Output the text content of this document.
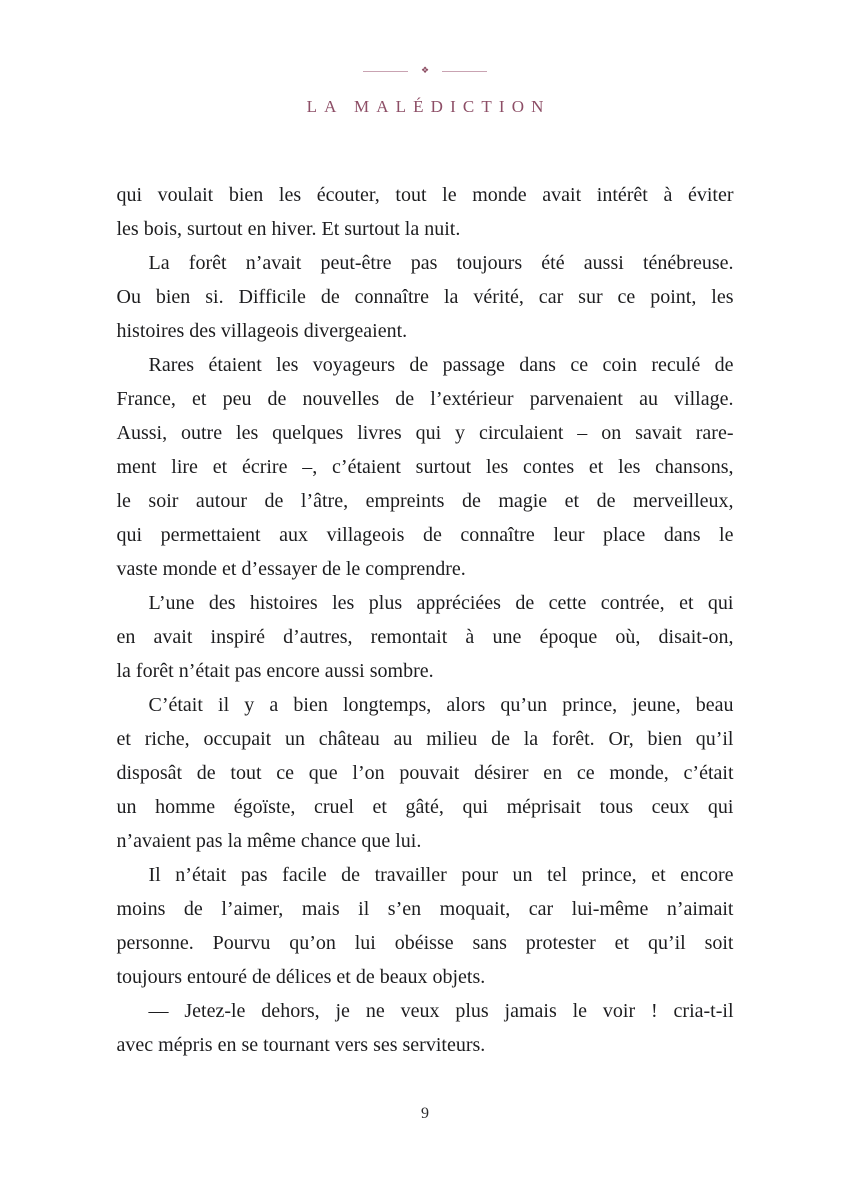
❖
LA MALÉDICTION
qui voulait bien les écouter, tout le monde avait intérêt à éviter
les bois, surtout en hiver. Et surtout la nuit.
La forêt n’avait peut-être pas toujours été aussi ténébreuse.
Ou bien si. Difficile de connaître la vérité, car sur ce point, les
histoires des villageois divergeaient.
Rares étaient les voyageurs de passage dans ce coin reculé de
France, et peu de nouvelles de l’extérieur parvenaient au village.
Aussi, outre les quelques livres qui y circulaient – on savait rare-
ment lire et écrire –, c’étaient surtout les contes et les chansons,
le soir autour de l’âtre, empreints de magie et de merveilleux,
qui permettaient aux villageois de connaître leur place dans le
vaste monde et d’essayer de le comprendre.
L’une des histoires les plus appréciées de cette contrée, et qui
en avait inspiré d’autres, remontait à une époque où, disait-on,
la forêt n’était pas encore aussi sombre.
C’était il y a bien longtemps, alors qu’un prince, jeune, beau
et riche, occupait un château au milieu de la forêt. Or, bien qu’il
disposât de tout ce que l’on pouvait désirer en ce monde, c’était
un homme égoïste, cruel et gâté, qui méprisait tous ceux qui
n’avaient pas la même chance que lui.
Il n’était pas facile de travailler pour un tel prince, et encore
moins de l’aimer, mais il s’en moquait, car lui-même n’aimait
personne. Pourvu qu’on lui obéisse sans protester et qu’il soit
toujours entouré de délices et de beaux objets.
— Jetez-le dehors, je ne veux plus jamais le voir ! cria-t-il
avec mépris en se tournant vers ses serviteurs.
9
